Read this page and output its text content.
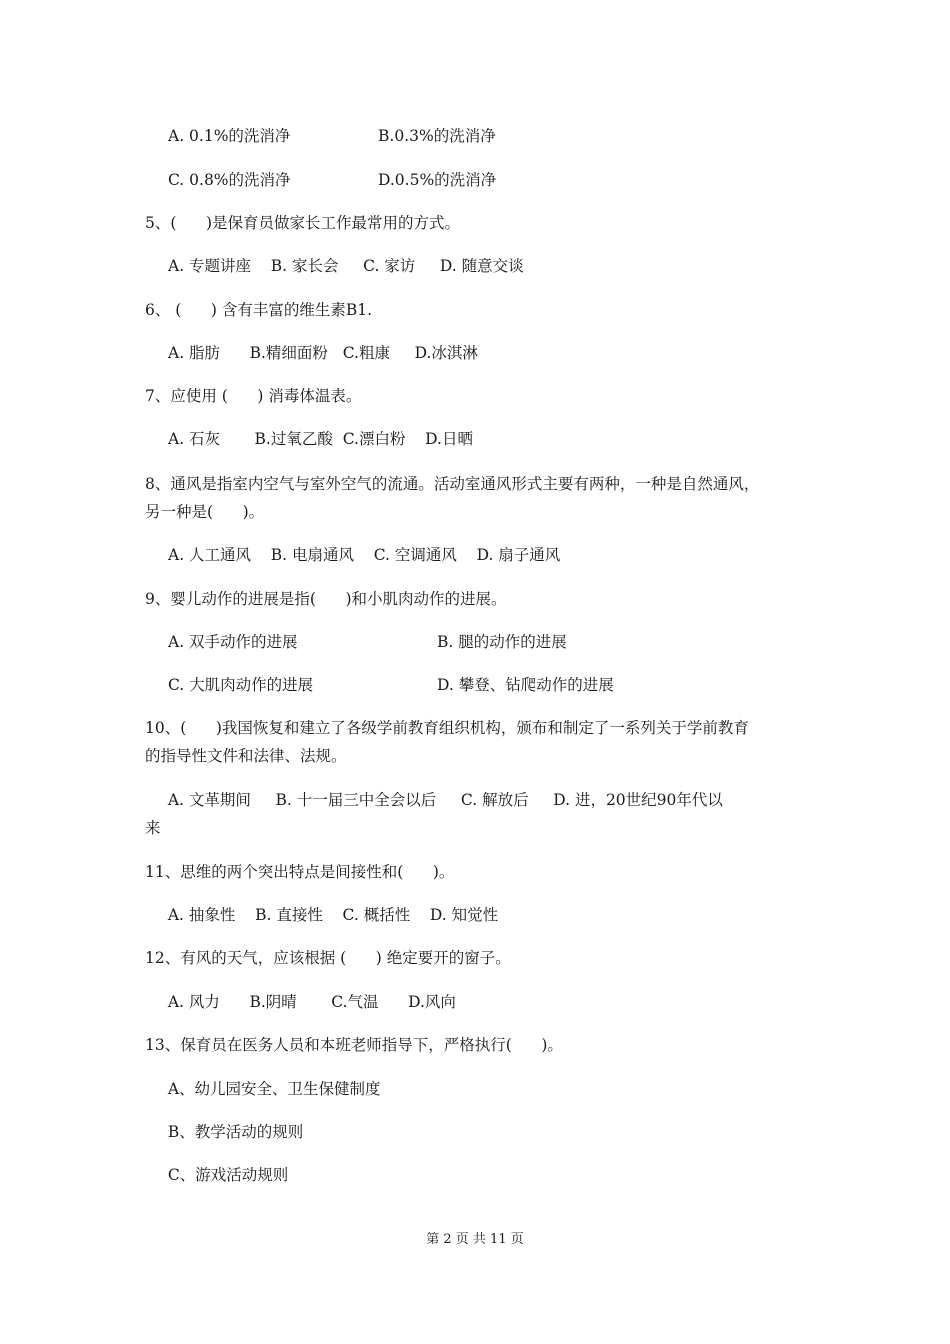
A. 0.1%的洗消净	B.0.3%的洗消净
C. 0.8%的洗消净	D.0.5%的洗消净
5、(      )是保育员做家长工作最常用的方式。
A. 专题讲座    B. 家长会     C. 家访     D. 随意交谈
6、 (      ) 含有丰富的维生素B1.
A. 脂肪      B.精细面粉   C.粗康     D.冰淇淋
7、应使用 (      ) 消毒体温表。
A. 石灰       B.过氧乙酸  C.漂白粉    D.日晒
8、通风是指室内空气与室外空气的流通。活动室通风形式主要有两种，一种是自然通风，
另一种是(      )。
A. 人工通风    B. 电扇通风    C. 空调通风    D. 扇子通风
9、婴儿动作的进展是指(      )和小肌肉动作的进展。
A. 双手动作的进展	B. 腿的动作的进展
C. 大肌肉动作的进展	D. 攀登、钻爬动作的进展
10、(      )我国恢复和建立了各级学前教育组织机构，颁布和制定了一系列关于学前教育
的指导性文件和法律、法规。
A. 文革期间     B. 十一届三中全会以后     C. 解放后     D. 进，20世纪90年代以
来
11、思维的两个突出特点是间接性和(      )。
A. 抽象性    B. 直接性    C. 概括性    D. 知觉性
12、有风的天气，应该根据 (      ) 绝定要开的窗子。
A. 风力      B.阴晴       C.气温      D.风向
13、保育员在医务人员和本班老师指导下，严格执行(      )。
A、幼儿园安全、卫生保健制度
B、教学活动的规则
C、游戏活动规则
第 2 页 共 11 页
